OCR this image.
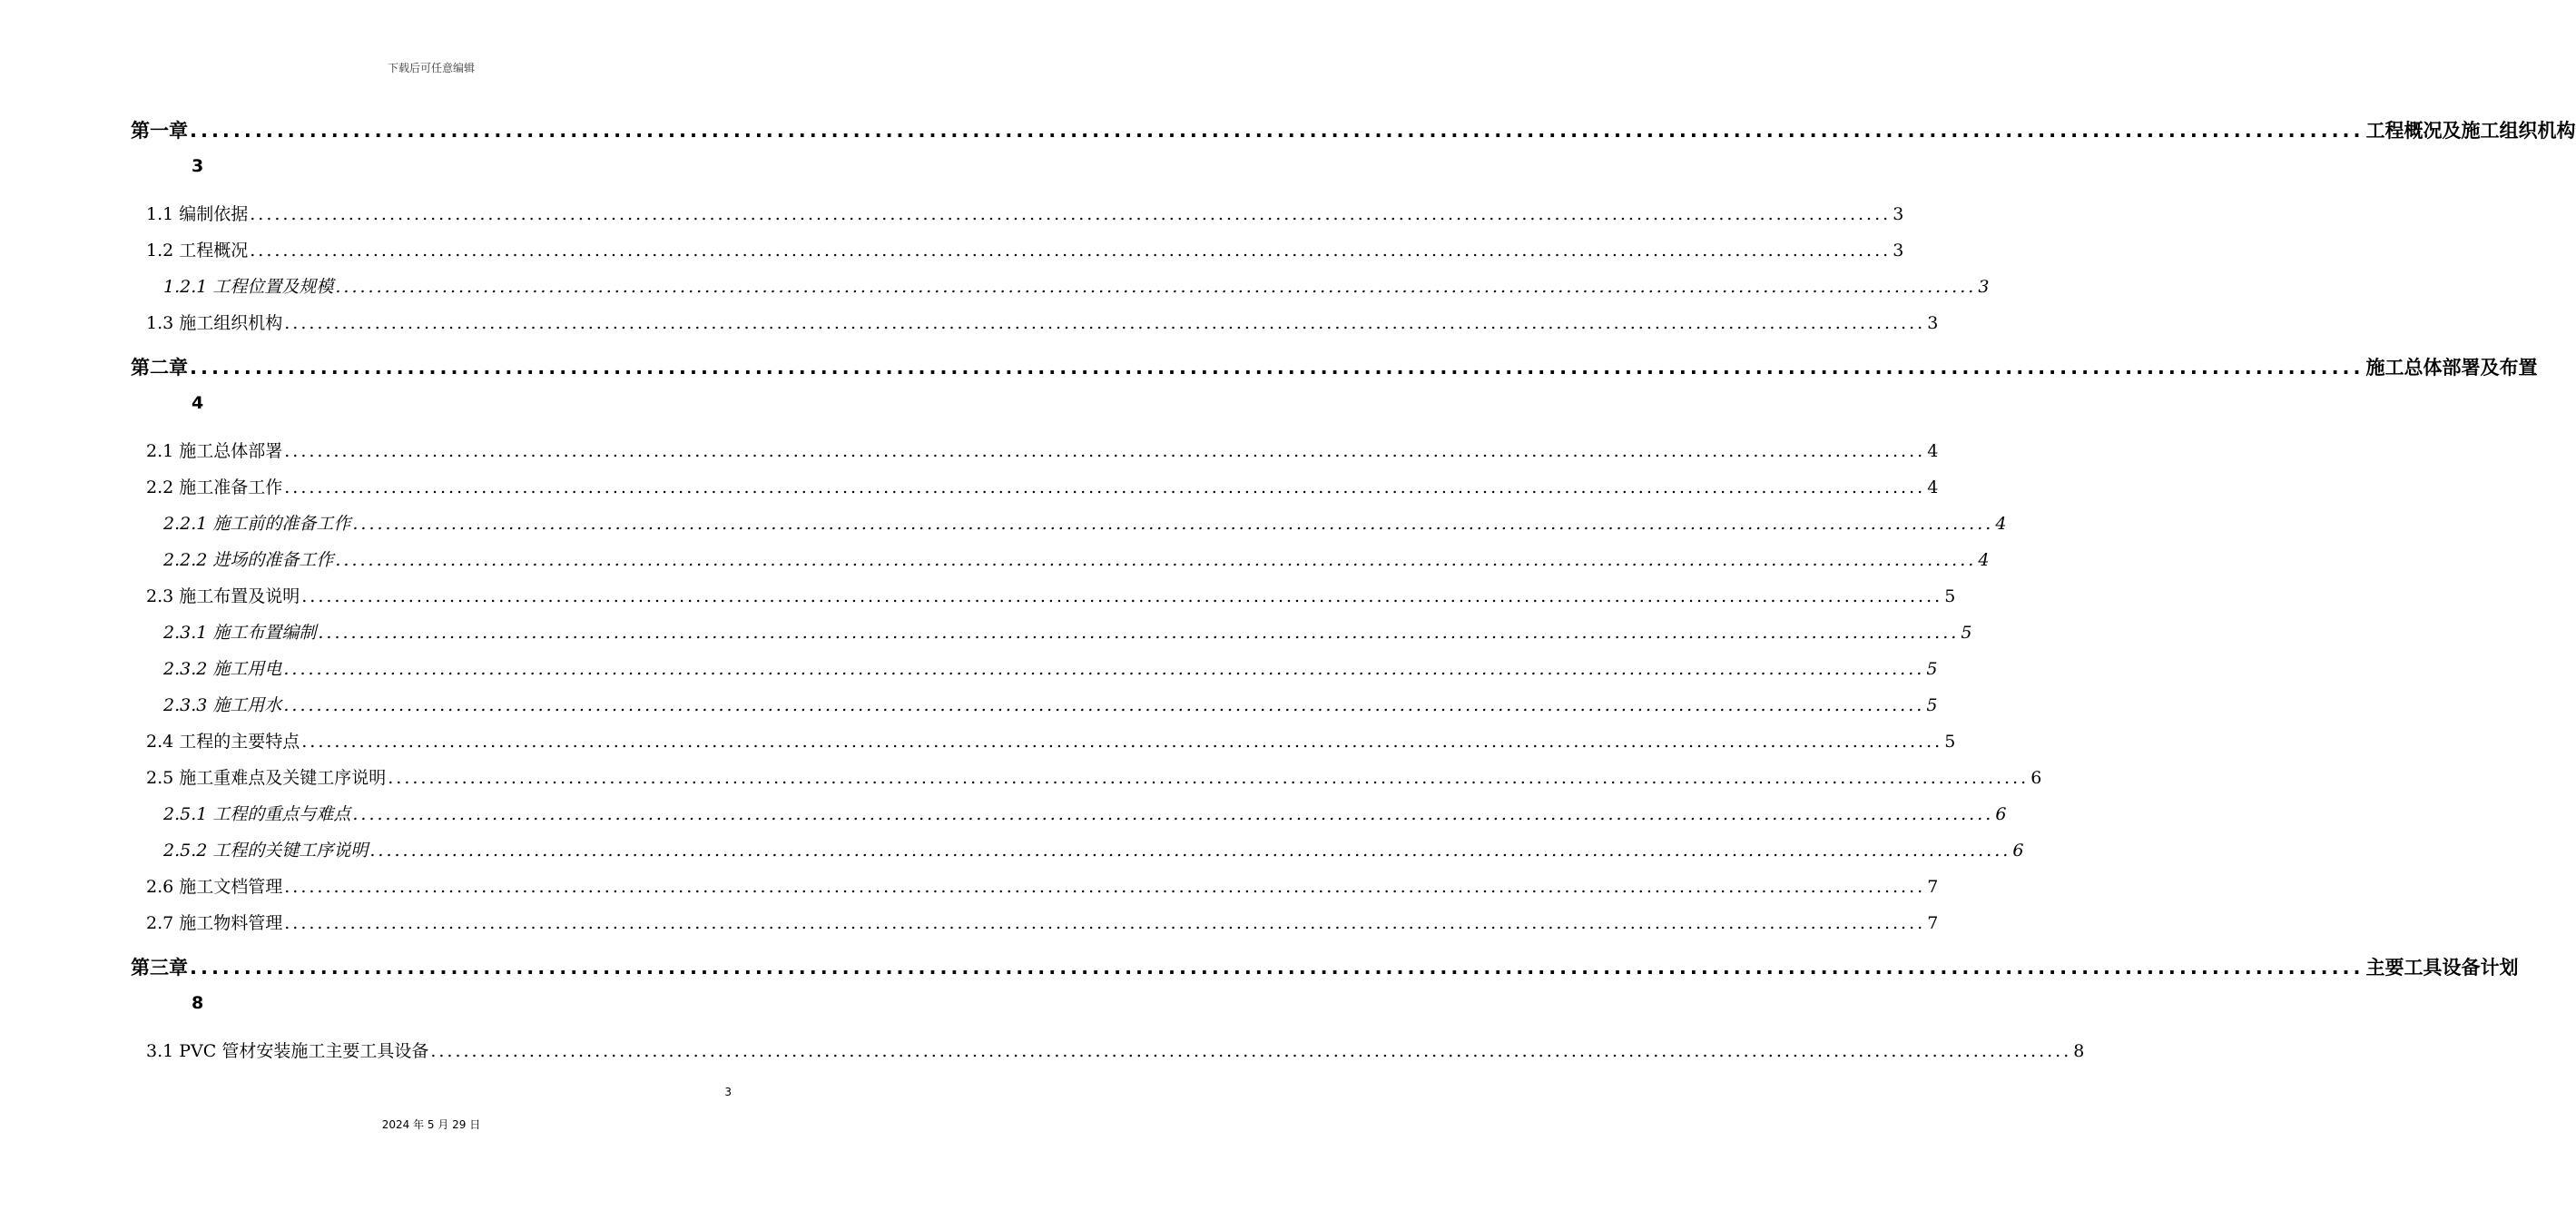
下载后可任意编辑
第一章 ........................................................................................................................................................................................................ 工程概况及施工组织机构
3
1.1 编制依据 ........................................................................................................................................................................................................ 3
1.2 工程概况 ........................................................................................................................................................................................................ 3
1.2.1 工程位置及规模 ........................................................................................................................................................................................................ 3
1.3 施工组织机构 ........................................................................................................................................................................................................ 3
第二章 ........................................................................................................................................................................................................ 施工总体部署及布置
4
2.1 施工总体部署 ........................................................................................................................................................................................................ 4
2.2 施工准备工作 ........................................................................................................................................................................................................ 4
2.2.1 施工前的准备工作 ........................................................................................................................................................................................................ 4
2.2.2 进场的准备工作 ........................................................................................................................................................................................................ 4
2.3 施工布置及说明 ........................................................................................................................................................................................................ 5
2.3.1 施工布置编制 ........................................................................................................................................................................................................ 5
2.3.2 施工用电 ........................................................................................................................................................................................................ 5
2.3.3 施工用水 ........................................................................................................................................................................................................ 5
2.4 工程的主要特点 ........................................................................................................................................................................................................ 5
2.5 施工重难点及关键工序说明 ........................................................................................................................................................................................................ 6
2.5.1 工程的重点与难点 ........................................................................................................................................................................................................ 6
2.5.2 工程的关键工序说明 ........................................................................................................................................................................................................ 6
2.6 施工文档管理 ........................................................................................................................................................................................................ 7
2.7 施工物料管理 ........................................................................................................................................................................................................ 7
第三章 ........................................................................................................................................................................................................ 主要工具设备计划
8
3.1 PVC 管材安装施工主要工具设备 ........................................................................................................................................................................................................ 8
3
2024 年 5 月 29 日
